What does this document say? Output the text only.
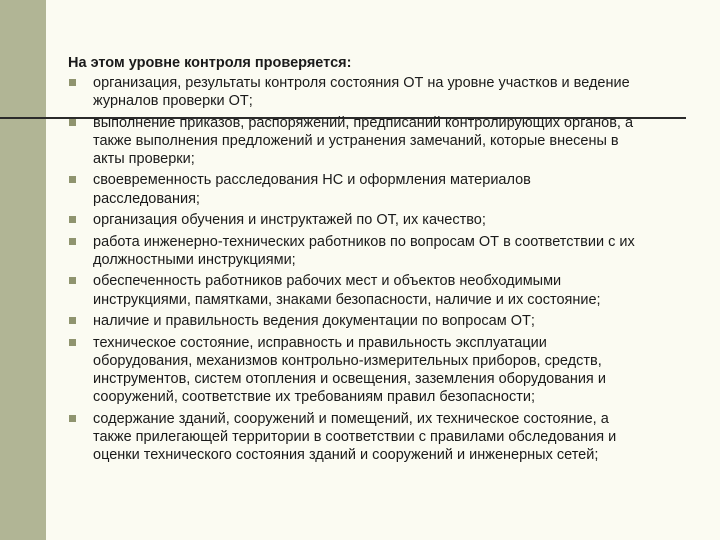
На этом уровне контроля проверяется:
организация, результаты контроля состояния ОТ на уровне участков и ведение
журналов проверки ОТ;
выполнение приказов, распоряжений, предписаний контролирующих органов, а
также выполнения предложений и устранения замечаний, которые внесены в
акты проверки;
своевременность расследования НС и оформления материалов
расследования;
организация обучения и инструктажей по ОТ, их качество;
работа инженерно-технических работников по вопросам ОТ в соответствии с их
должностными инструкциями;
обеспеченность работников рабочих мест и объектов необходимыми
инструкциями, памятками, знаками безопасности, наличие и их состояние;
наличие и правильность ведения документации по вопросам ОТ;
техническое состояние, исправность и правильность эксплуатации
оборудования, механизмов контрольно-измерительных приборов, средств,
инструментов, систем отопления и освещения, заземления оборудования и
сооружений, соответствие их требованиям правил безопасности;
содержание зданий, сооружений и помещений, их техническое состояние, а
также прилегающей территории в соответствии с правилами обследования и
оценки технического состояния зданий и сооружений и инженерных сетей;
